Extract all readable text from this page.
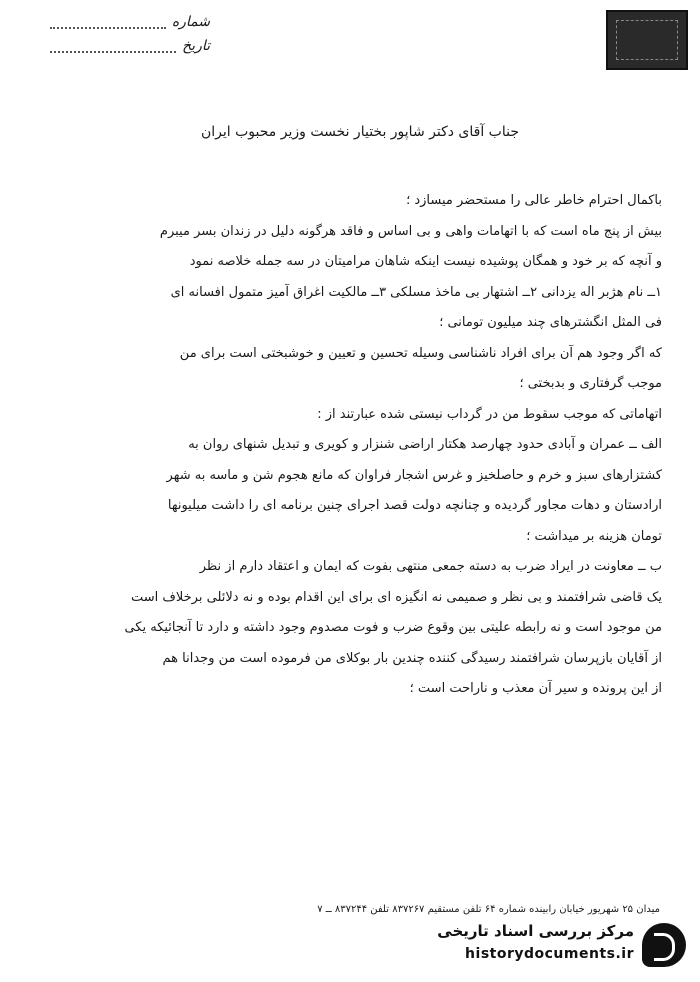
شماره
تاریخ
جناب آقای دکتر شاپور بختیار نخست وزیر محبوب ایران
باکمال احترام خاطر عالی را مستحضر میسازد ؛
بیش از پنج ماه است که با اتهامات واهی و بی اساس و فاقد هرگونه دلیل در زندان بسر میبرم
و آنچه که بر خود و همگان پوشیده نیست اینکه شاهان مرامیتان در سه جمله خلاصه نمود
۱ــ نام هژبر اله یزدانی ۲ــ اشتهار بی ماخذ مسلکی ۳ــ مالکیت اغراق آمیز متمول افسانه ای
فی المثل انگشترهای چند میلیون تومانی ؛
که اگر وجود هم آن برای افراد ناشناسی وسیله تحسین و تعیین و خوشبختی است برای من
موجب گرفتاری و بدبختی ؛
اتهاماتی که موجب سقوط من در گرداب نیستی شده عبارتند از :
الف ــ عمران و آبادی حدود چهارصد هکتار اراضی شنزار و کویری و تبدیل شنهای روان به
کشتزارهای سبز و خرم و حاصلخیز و غرس اشجار فراوان که مانع هجوم شن و ماسه به شهر
ارادستان و دهات مجاور گردیده و چنانچه دولت قصد اجرای چنین برنامه ای را داشت میلیونها
تومان هزینه بر میداشت ؛
ب ــ معاونت در ایراد ضرب به دسته جمعی منتهی بفوت که ایمان و اعتقاد دارم از نظر
یک قاضی شرافتمند و بی نظر و صمیمی نه انگیزه ای برای این اقدام بوده و نه دلائلی برخلاف است
من موجود است و نه رابطه علیتی بین وقوع ضرب و فوت مصدوم وجود داشته و دارد تا آنجائیکه یکی
از آقایان بازپرسان شرافتمند رسیدگی کننده چندین بار بوکلای من فرموده است من وجدانا هم
از این پرونده و سیر آن معذب و ناراحت است ؛
میدان ۲۵ شهریور خیابان رابینده شماره ۶۴ تلفن مستقیم ۸۳۷۲۶۷ تلفن ۸۳۷۲۴۴ ــ ۷
مرکز بررسی اسناد تاریخی
historydocuments.ir
